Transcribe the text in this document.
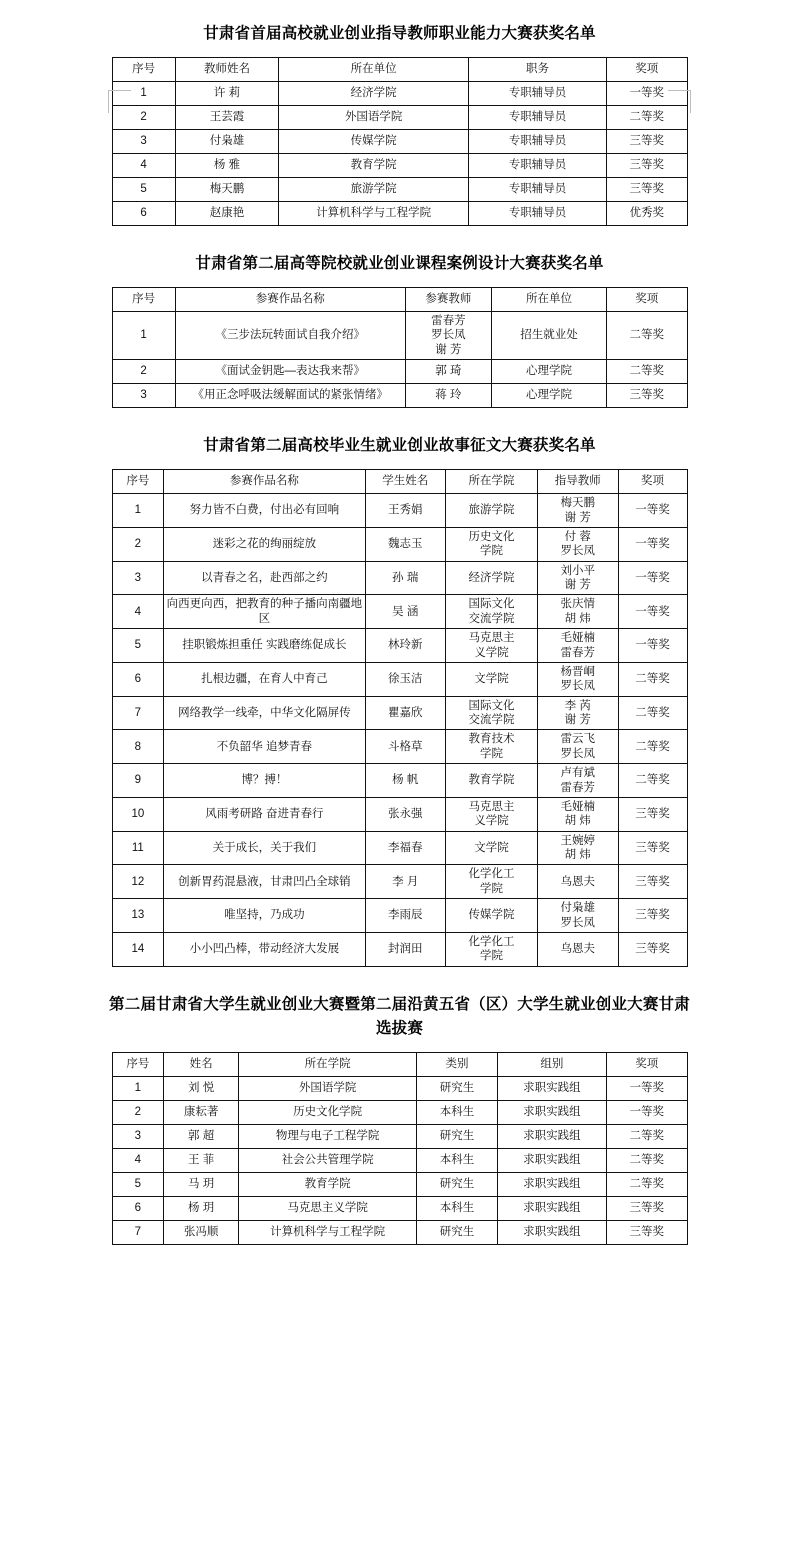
甘肃省首届高校就业创业指导教师职业能力大赛获奖名单
序号	教师姓名	所在单位	职务	奖项
1	许 莉	经济学院	专职辅导员	一等奖
2	王芸霞	外国语学院	专职辅导员	二等奖
3	付枭雄	传媒学院	专职辅导员	三等奖
4	杨 雅	教育学院	专职辅导员	三等奖
5	梅天鹏	旅游学院	专职辅导员	三等奖
6	赵康艳	计算机科学与工程学院	专职辅导员	优秀奖
甘肃省第二届高等院校就业创业课程案例设计大赛获奖名单
序号	参赛作品名称	参赛教师	所在单位	奖项
1	《三步法玩转面试自我介绍》	雷春芳
罗长凤
谢 芳	招生就业处	二等奖
2	《面试金钥匙—表达我来帮》	郭 琦	心理学院	二等奖
3	《用正念呼吸法缓解面试的紧张情绪》	蒋 玲	心理学院	三等奖
甘肃省第二届高校毕业生就业创业故事征文大赛获奖名单
序号	参赛作品名称	学生姓名	所在学院	指导教师	奖项
1	努力皆不白费，付出必有回响	王秀娟	旅游学院	梅天鹏
谢 芳	一等奖
2	迷彩之花的绚丽绽放	魏志玉	历史文化
学院	付 蓉
罗长凤	一等奖
3	以青春之名，赴西部之约	孙 瑞	经济学院	刘小平
谢 芳	一等奖
4	向西更向西，把教育的种子播向南疆地区	吴 涵	国际文化
交流学院	张庆情
胡 炜	一等奖
5	挂职锻炼担重任 实践磨练促成长	林玲新	马克思主
义学院	毛娅楠
雷春芳	一等奖
6	扎根边疆，在育人中育己	徐玉洁	文学院	杨晋峒
罗长凤	二等奖
7	网络教学一线牵，中华文化隔屏传	瞿嘉欣	国际文化
交流学院	李 芮
谢 芳	二等奖
8	不负韶华 追梦青春	斗格草	教育技术
学院	雷云飞
罗长凤	二等奖
9	博？搏！	杨 帆	教育学院	卢有斌
雷春芳	二等奖
10	风雨考研路 奋进青春行	张永强	马克思主
义学院	毛娅楠
胡 炜	三等奖
11	关于成长，关于我们	李福春	文学院	王婉婷
胡 炜	三等奖
12	创新胃药混悬液，甘肃凹凸全球销	李 月	化学化工
学院	乌恩夫	三等奖
13	唯坚持，乃成功	李雨辰	传媒学院	付枭雄
罗长凤	三等奖
14	小小凹凸棒，带动经济大发展	封润田	化学化工
学院	乌恩夫	三等奖
第二届甘肃省大学生就业创业大赛暨第二届沿黄五省（区）大学生就业创业大赛甘肃选拔赛
序号	姓名	所在学院	类别	组别	奖项
1	刘 悦	外国语学院	研究生	求职实践组	一等奖
2	康耘著	历史文化学院	本科生	求职实践组	一等奖
3	郭 超	物理与电子工程学院	研究生	求职实践组	二等奖
4	王 菲	社会公共管理学院	本科生	求职实践组	二等奖
5	马 玥	教育学院	研究生	求职实践组	二等奖
6	杨 玥	马克思主义学院	本科生	求职实践组	三等奖
7	张冯顺	计算机科学与工程学院	研究生	求职实践组	三等奖
